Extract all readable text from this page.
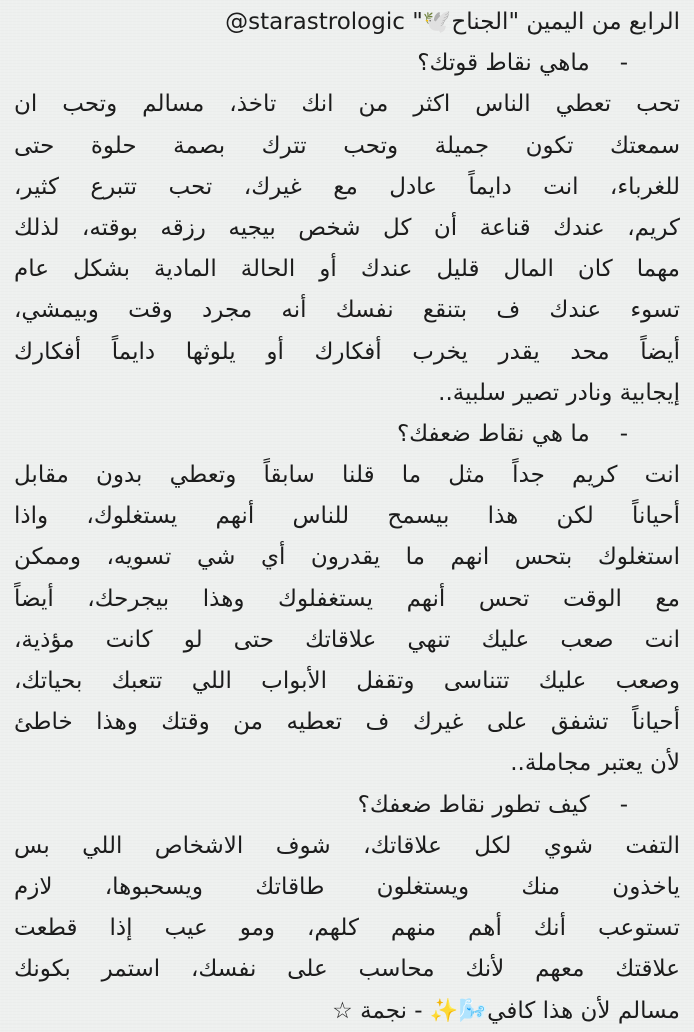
الرابع من اليمين "الجناح🕊️" @starastrologic
-ماهي نقاط قوتك؟
تحب تعطي الناس اكثر من انك تاخذ، مسالم وتحب ان
سمعتك تكون جميلة وتحب تترك بصمة حلوة حتى
للغرباء، انت دايماً عادل مع غيرك، تحب تتبرع كثير،
كريم، عندك قناعة أن كل شخص بيجيه رزقه بوقته، لذلك
مهما كان المال قليل عندك أو الحالة المادية بشكل عام
تسوء عندك ف بتنقع نفسك أنه مجرد وقت وبيمشي،
أيضاً محد يقدر يخرب أفكارك أو يلوثها دايماً أفكارك
إيجابية ونادر تصير سلبية..
-ما هي نقاط ضعفك؟
انت كريم جداً مثل ما قلنا سابقاً وتعطي بدون مقابل
أحياناً لكن هذا بيسمح للناس أنهم يستغلوك، واذا
استغلوك بتحس انهم ما يقدرون أي شي تسويه، وممكن
مع الوقت تحس أنهم يستغفلوك وهذا بيجرحك، أيضاً
انت صعب عليك تنهي علاقاتك حتى لو كانت مؤذية،
وصعب عليك تتناسى وتقفل الأبواب اللي تتعبك بحياتك،
أحياناً تشفق على غيرك ف تعطيه من وقتك وهذا خاطئ
لأن يعتبر مجاملة..
-كيف تطور نقاط ضعفك؟
التفت شوي لكل علاقاتك، شوف الاشخاص اللي بس
ياخذون منك ويستغلون طاقاتك ويسحبوها، لازم
تستوعب أنك أهم منهم كلهم، ومو عيب إذا قطعت
علاقتك معهم لأنك محاسب على نفسك، استمر بكونك
مسالم لأن هذا كافي🌬️✨ - نجمة ☆
